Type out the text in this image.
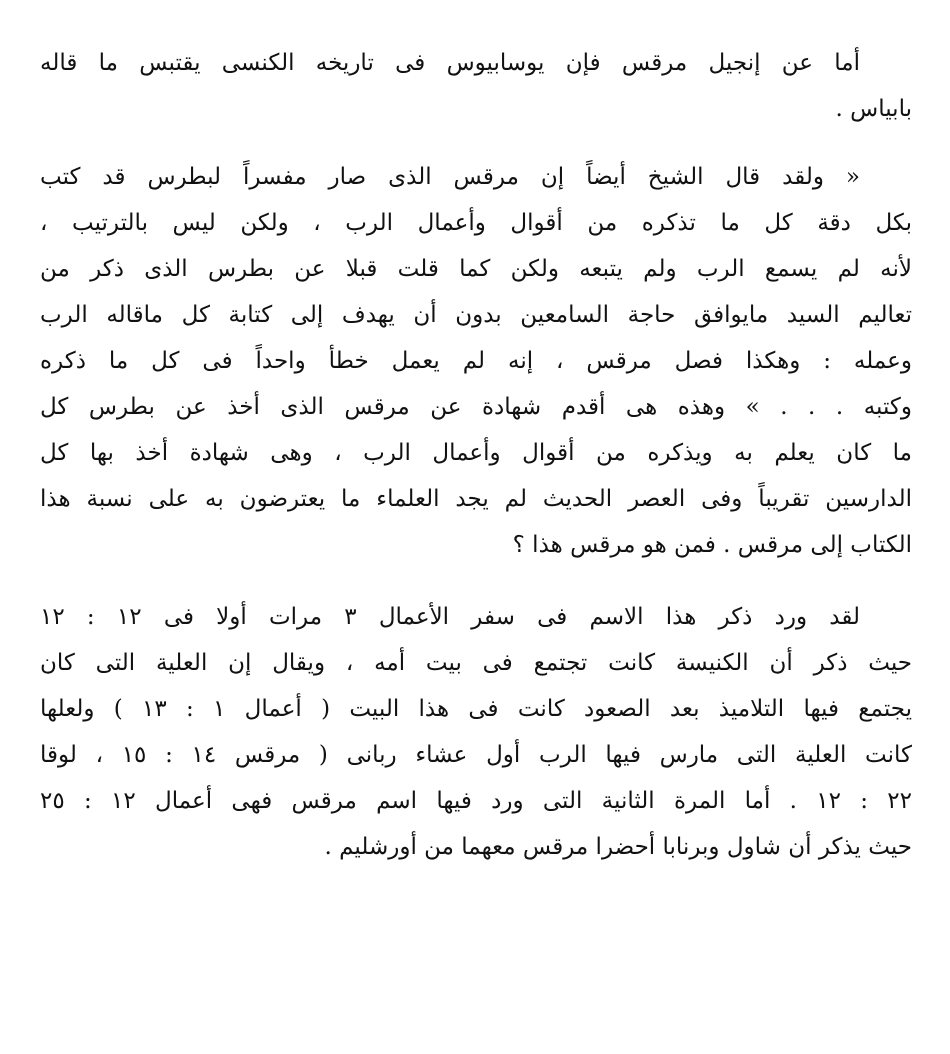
أما عن إنجيل مرقس فإن يوسابيوس فى تاريخه الكنسى يقتبس ما قاله
بابياس .

« ولقد قال الشيخ أيضاً إن مرقس الذى صار مفسراً لبطرس قد كتب
بكل دقة كل ما تذكره من أقوال وأعمال الرب ، ولكن ليس بالترتيب ،
لأنه لم يسمع الرب ولم يتبعه ولكن كما قلت قبلا عن بطرس الذى ذكر من
تعاليم السيد مايوافق حاجة السامعين بدون أن يهدف إلى كتابة كل ماقاله الرب
وعمله : وهكذا فصل مرقس ، إنه لم يعمل خطأ واحداً فى كل ما ذكره
وكتبه . . . » وهذه هى أقدم شهادة عن مرقس الذى أخذ عن بطرس كل
ما كان يعلم به ويذكره من أقوال وأعمال الرب ، وهى شهادة أخذ بها كل
الدارسين تقريباً وفى العصر الحديث لم يجد العلماء ما يعترضون به على نسبة هذا
الكتاب إلى مرقس . فمن هو مرقس هذا ؟

لقد ورد ذكر هذا الاسم فى سفر الأعمال ٣ مرات أولا فى ١٢ : ١٢
حيث ذكر أن الكنيسة كانت تجتمع فى بيت أمه ، ويقال إن العلية التى كان
يجتمع فيها التلاميذ بعد الصعود كانت فى هذا البيت ( أعمال ١ : ١٣ ) ولعلها
كانت العلية التى مارس فيها الرب أول عشاء ربانى ( مرقس ١٤ : ١٥ ، لوقا
٢٢ : ١٢ . أما المرة الثانية التى ورد فيها اسم مرقس فهى أعمال ١٢ : ٢٥
حيث يذكر أن شاول وبرنابا أحضرا مرقس معهما من أورشليم .
